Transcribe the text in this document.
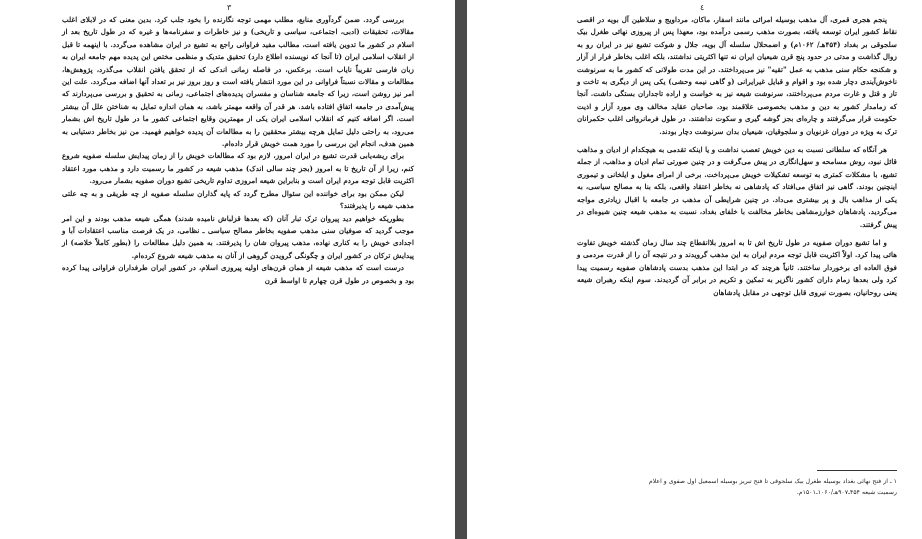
۳

بررسی گردد. ضمن گردآوری منابع، مطلب مهمی توجه نگارنده را بخود جلب کرد. بدین معنی که در لابلای اغلب مقالات، تحقیقات (ادبی، اجتماعی، سیاسی و تاریخی) و نیز خاطرات و سفرنامه‌ها و غیره که در طول تاریخ بعد از اسلام در کشور ما تدوین یافته است، مطالب مفید فراوانی راجع به تشیع در ایران مشاهده می‌گردد. با اینهمه تا قبل از انقلاب اسلامی ایران (تا آنجا که نویسنده اطلاع دارد) تحقیق متدیک و منظمی مختص این پدیده مهم جامعه ایران به زبان فارسی تقریباً نایاب است. برعکس، در فاصله زمانی اندکی که از تحقق یافتن انقلاب می‌گذرد، پژوهش‌ها، مطالعات و مقالات نسبتاً فراوانی در این مورد انتشار یافته است و روز بروز نیز بر تعداد آنها اضافه می‌گردد. علت این امر نیز روشن است، زیرا که جامعه شناسان و مفسران پدیده‌های اجتماعی، زمانی به تحقیق و بررسی می‌پردازند که پیش‌آمدی در جامعه اتفاق افتاده باشد. هر قدر آن واقعه مهمتر باشد، به همان اندازه تمایل به شناختن علل آن بیشتر است. اگر اضافه کنیم که انقلاب اسلامی ایران یکی از مهمترین وقایع اجتماعی کشور ما در طول تاریخ اش بشمار می‌رود، به راحتی دلیل تمایل هرچه بیشتر محققین را به مطالعات آن پدیده خواهیم فهمید. من نیز بخاطر دستیابی به همین هدف، انجام این بررسی را مورد همت خویش قرار داده‌ام.

برای ریشه‌یابی قدرت تشیع در ایران امروز، لازم بود که مطالعات خویش را از زمان پیدایش سلسله صفویه شروع کنم، زیرا از آن تاریخ تا به امروز (بجز چند سالی اندک) مذهب شیعه در کشور ما رسمیت دارد و مذهب مورد اعتقاد اکثریت قابل توجه مردم ایران است و بنابراین شیعه امروزی تداوم تاریخی تشیع دوران صفویه بشمار می‌رود.

لیکن ممکن بود برای خواننده این سئوال مطرح گردد که پایه گذاران سلسله صفویه از چه طریقی و به چه علتی مذهب شیعه را پذیرفتند؟

بطوریکه خواهیم دید پیروان ترک تبار آنان (که بعدها قزلباش نامیده شدند) همگی شیعه مذهب بودند و این امر موجب گردید که صوفیان سنی مذهب صفویه بخاطر مصالح سیاسی ـ نظامی، در یک فرصت مناسب اعتقادات آبا و اجدادی خویش را به کناری نهاده، مذهب پیروان شان را پذیرفتند. به همین دلیل مطالعات را (بطور کاملاً خلاصه) از پیدایش ترکان در کشور ایران و چگونگی گرویدن گروهی از آنان به مذهب شیعه شروع کرده‌ام.

درست است که مذهب شیعه از همان قرن‌های اولیه پیروزی اسلام، در کشور ایران طرفداران فراوانی پیدا کرده بود و بخصوص در طول قرن چهارم تا اواسط قرن

٤

پنجم هجری قمری، آل مذهب بوسیله امرائی مانند اسفار، ماکان، مرداویج و سلاطین آل بویه در اقصی نقاط کشور ایران توسعه یافته، بصورت مذهب رسمی درآمده بود، معهذا پس از پیروزی نهائی طغرل بیک سلجوقی بر بغداد (۴۵۴هـ/ ۱۰۶۲م) و اضمحلال سلسله آل بویه، جلال و شوکت تشیع نیز در ایران رو به زوال گذاشت و مدتی در حدود پنج قرن شیعیان ایران نه تنها اکثریتی نداشتند، بلکه اغلب بخاطر فرار از آزار و شکنجه حکام سنی مذهب به عمل "تقیه" نیز می‌پرداختند. در این مدت طولانی که کشور ما به سرنوشت ناخوش‌آیندی دچار شده بود و اقوام و قبایل غیرایرانی (و گاهی نیمه وحشی) یکی پس از دیگری به تاخت و تاز و قتل و غارت مردم می‌پرداختند، سرنوشت شیعه نیز به خواست و اراده تاجداران بستگی داشت. آنجا که زمامدار کشور به دین و مذهب بخصوصی علاقمند بود، صاحبان عقاید مخالف وی مورد آزار و اذیت حکومت قرار می‌گرفتند و چاره‌ای بجز گوشه گیری و سکوت نداشتند. در طول فرمانروائی اغلب حکمرانان ترک به ویژه در دوران غزنویان و سلجوقیان، شیعیان بدان سرنوشت دچار بودند.

هر آنگاه که سلطانی نسبت به دین خویش تعصب نداشت و یا اینکه تقدمی به هیچکدام از ادیان و مذاهب قائل نبود، روش مسامحه و سهل‌انگاری در پیش می‌گرفت و در چنین صورتی تمام ادیان و مذاهب، از جمله تشیع، با مشکلات کمتری به توسعه تشکیلات خویش می‌پرداخت. برخی از امرای مغول و ایلخانی و تیموری اینچنین بودند. گاهی نیز اتفاق می‌افتاد که پادشاهی نه بخاطر اعتقاد واقعی، بلکه بنا به مصالح سیاسی، به یکی از مذاهب بال و پر بیشتری می‌داد. در چنین شرایطی آن مذهب در جامعه با اقبال زیادتری مواجه می‌گردید. پادشاهان خوارزمشاهی بخاطر مخالفت با خلفای بغداد، نسبت به مذهب شیعه چنین شیوه‌ای در پیش گرفتند.

و اما تشیع دوران صفویه در طول تاریخ اش تا به امروز بلاانقطاع چند سال زمان گذشته خویش تفاوت هائی پیدا کرد. اولاً اکثریت قابل توجه مردم ایران به این مذهب گرویدند و در نتیجه آن را از قدرت مردمی و فوق العاده ای برخوردار ساختند. ثانیاً هرچند که در ابتدا این مذهب بدست پادشاهان صفویه رسمیت پیدا کرد ولی بعدها زمام داران کشور ناگزیر به تمکین و تکریم در برابر آن گردیدند. سوم اینکه رهبران شیعه یعنی روحانیان، بصورت نیروی قابل توجهی در مقابل پادشاهان

۱ ـ از فتح نهائی بغداد بوسیله طغرل بیک سلجوقی تا فتح تبریز بوسیله اسمعیل اول صفوی و اعلام
رسمیت شیعه ۴۵۴ـ۹۰۷هـ/۱۰۶۰ـ۱۵۰۱م.
